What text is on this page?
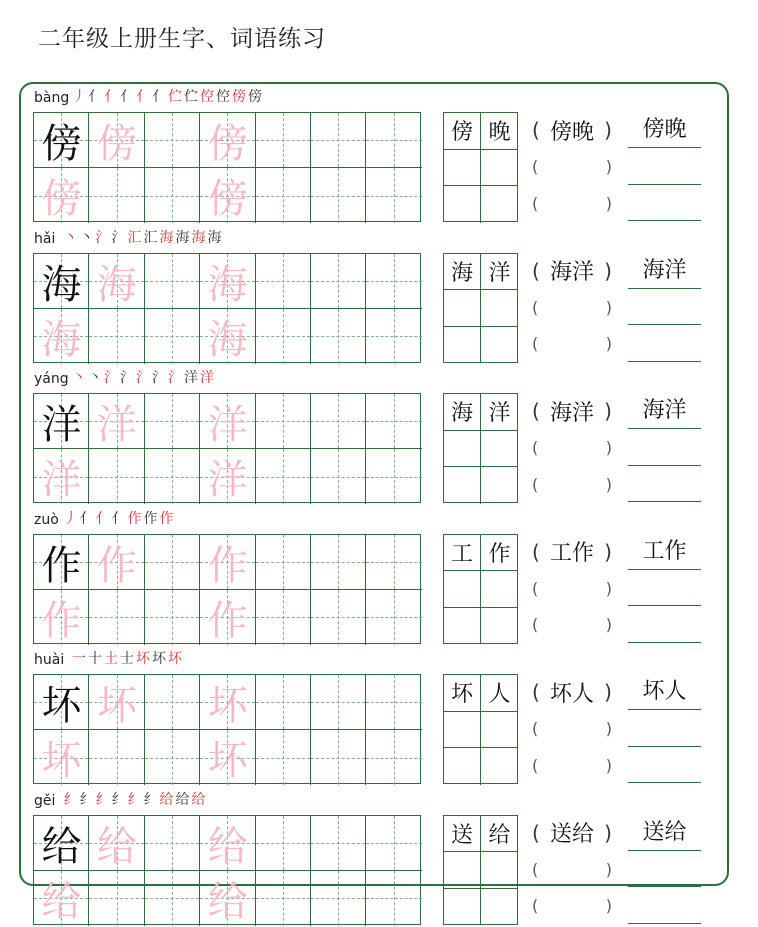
二年级上册生字、词语练习
bàng 丿亻亻亻亻亻伫伫倥倥傍傍
傍 傍 傍
傍	傍
傍 晚	( 傍晚 )	傍晚
(	)
(	)
hǎi 丶丶氵氵汇汇海海海海
海 海 海
海	海
海 洋	( 海洋 )	海洋
(	)
(	)
yáng 丶丶氵氵氵氵氵洋洋
洋 洋 洋
洋	洋
海 洋	( 海洋 )	海洋
(	)
(	)
zuò 丿亻亻亻作作作
作 作 作
作	作
工 作	( 工作 )	工作
(	)
(	)
huài 一十土士坏坏坏
坏 坏 坏
坏	坏
坏 人	( 坏人 )	坏人
(	)
(	)
gěi 纟纟纟纟纟纟给给给
给 给 给
给	给
送 给	( 送给 )	送给
(	)
(	)
